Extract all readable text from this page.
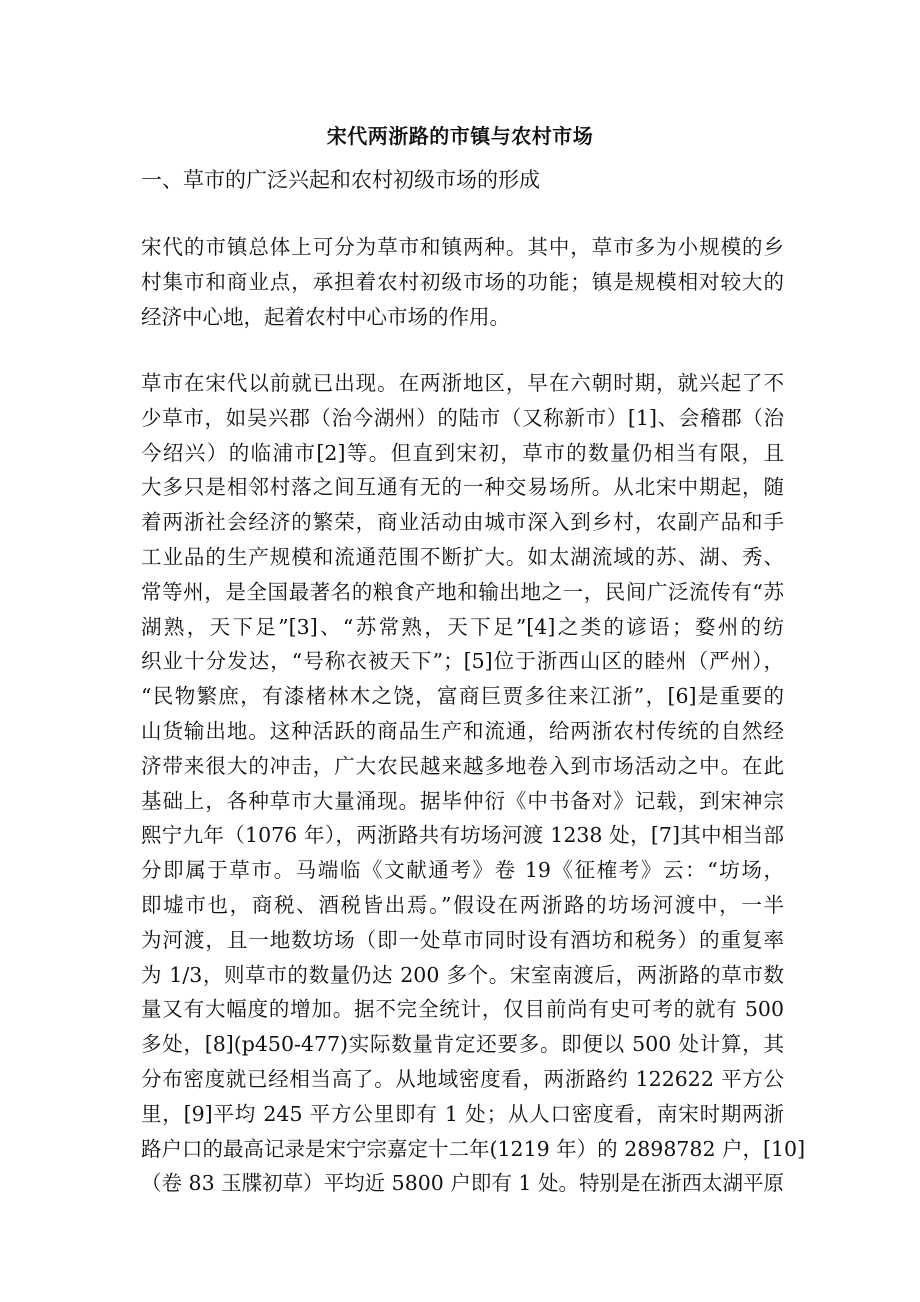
宋代两浙路的市镇与农村市场
一、草市的广泛兴起和农村初级市场的形成

宋代的市镇总体上可分为草市和镇两种。其中，草市多为小规模的乡
村集市和商业点，承担着农村初级市场的功能；镇是规模相对较大的
经济中心地，起着农村中心市场的作用。

草市在宋代以前就已出现。在两浙地区，早在六朝时期，就兴起了不
少草市，如吴兴郡（治今湖州）的陆市（又称新市）[1]、会稽郡（治
今绍兴）的临浦市[2]等。但直到宋初，草市的数量仍相当有限，且
大多只是相邻村落之间互通有无的一种交易场所。从北宋中期起，随
着两浙社会经济的繁荣，商业活动由城市深入到乡村，农副产品和手
工业品的生产规模和流通范围不断扩大。如太湖流域的苏、湖、秀、
常等州，是全国最著名的粮食产地和输出地之一，民间广泛流传有“苏
湖熟，天下足”[3]、“苏常熟，天下足”[4]之类的谚语；婺州的纺
织业十分发达，“号称衣被天下”；[5]位于浙西山区的睦州（严州），
“民物繁庶，有漆楮林木之饶，富商巨贾多往来江浙”，[6]是重要的
山货输出地。这种活跃的商品生产和流通，给两浙农村传统的自然经
济带来很大的冲击，广大农民越来越多地卷入到市场活动之中。在此
基础上，各种草市大量涌现。据毕仲衍《中书备对》记载，到宋神宗
熙宁九年（1076 年），两浙路共有坊场河渡 1238 处，[7]其中相当部
分即属于草市。马端临《文献通考》卷 19《征榷考》云：“坊场，
即墟市也，商税、酒税皆出焉。”假设在两浙路的坊场河渡中，一半
为河渡，且一地数坊场（即一处草市同时设有酒坊和税务）的重复率
为 1/3，则草市的数量仍达 200 多个。宋室南渡后，两浙路的草市数
量又有大幅度的增加。据不完全统计，仅目前尚有史可考的就有 500
多处，[8](p450-477)实际数量肯定还要多。即便以 500 处计算，其
分布密度就已经相当高了。从地域密度看，两浙路约 122622 平方公
里，[9]平均 245 平方公里即有 1 处；从人口密度看，南宋时期两浙
路户口的最高记录是宋宁宗嘉定十二年(1219 年）的 2898782 户，[10]
（卷 83 玉牒初草）平均近 5800 户即有 1 处。特别是在浙西太湖平原
